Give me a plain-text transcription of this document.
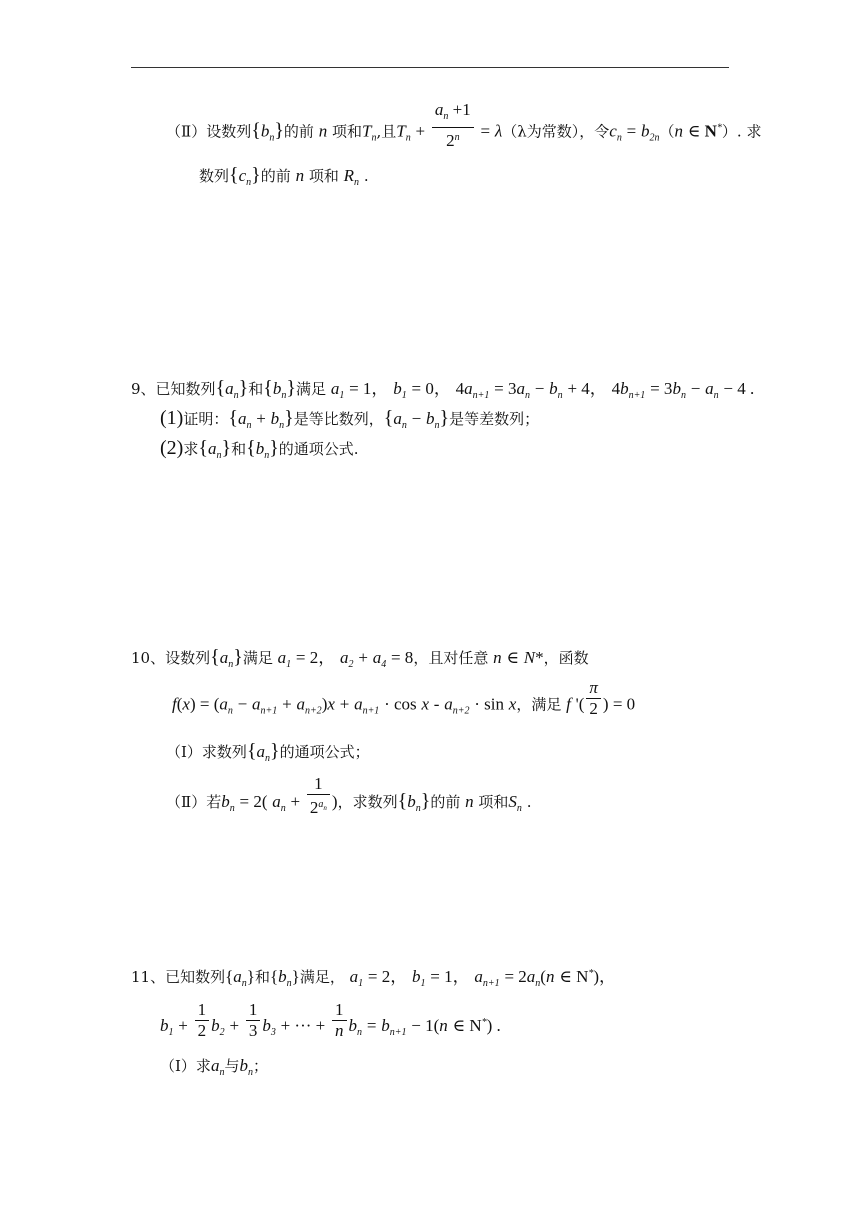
（Ⅱ）设数列$\{b_n\}$的前 n 项和$T_n$,且$T_n + \frac{a_n +1}{2^n} = \lambda(\lambda$为常数），令$c_n = b_{2n}(n$ ∈ N*）. 求
数列$\{c_n\}$的前 n 项和 $R_n$ .
9、已知数列$\{a_n\}$和$\{b_n\}$满足 $a_1 = 1$， $b_1 = 0$， $4a_{n+1} = 3a_n - b_n + 4$， $4b_{n+1} = 3b_n - a_n - 4$ .
(1)证明：$\{a_n + b_n\}$是等比数列，$\{a_n - b_n\}$是等差数列；
(2)求$\{a_n\}$和$\{b_n\}$的通项公式.
10、设数列$\{a_n\}$满足 $a_1 = 2$， $a_2 + a_4 = 8$，且对任意 n ∈ N*，函数
$f(x) = (a_n - a_{n+1} + a_{n+2})x + a_{n+1} \cdot \cos x - a_{n+2} \cdot \sin x$，满足 f '( $\frac{\pi}{2}$ ) = 0
（Ⅰ）求数列$\{a_n\}$的通项公式；
（Ⅱ）若$b_n = 2$( $a_n + \frac{1}{2^{a_n}}$ )，求数列$\{b_n\}$的前 n 项和$S_n$ .
11、已知数列$\{a_n\}$和$\{b_n\}$满足， $a_1 = 2$， $b_1 = 1$， $a_{n+1} = 2a_n(n$ ∈ N*)，
$b_1 + \frac{1}{2} b_2 + \frac{1}{3} b_3$ + ··· + $\frac{1}{n} b_n = b_{n+1} - 1(n$ ∈ N*) .
（Ⅰ）求$a_n$与$b_n$；
